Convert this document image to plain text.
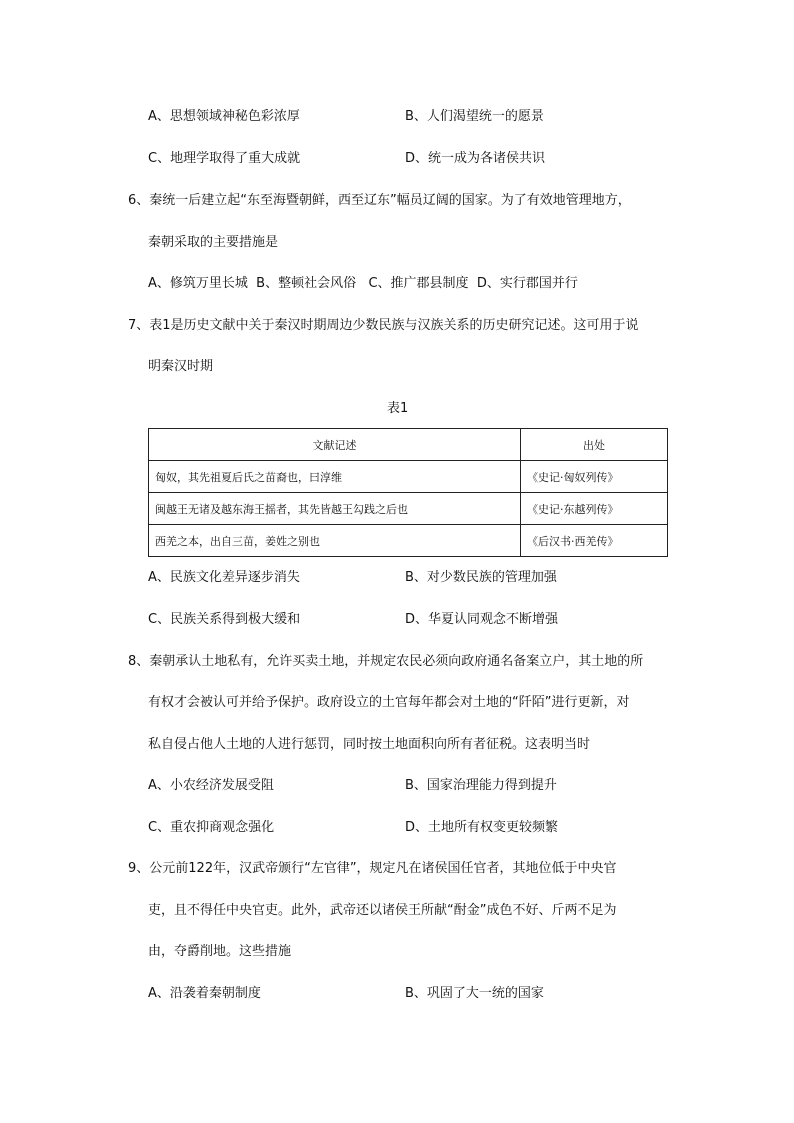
A、思想领域神秘色彩浓厚	B、人们渴望统一的愿景
C、地理学取得了重大成就	D、统一成为各诸侯共识
6、秦统一后建立起“东至海暨朝鲜，西至辽东”幅员辽阔的国家。为了有效地管理地方，
秦朝采取的主要措施是
A、修筑万里长城  B、整顿社会风俗   C、推广郡县制度  D、实行郡国并行
7、表1是历史文献中关于秦汉时期周边少数民族与汉族关系的历史研究记述。这可用于说
明秦汉时期
表1
文献记述	出处
匈奴，其先祖夏后氏之苗裔也，曰淳维	《史记·匈奴列传》
闽越王无诸及越东海王摇者，其先皆越王勾践之后也	《史记·东越列传》
西羌之本，出自三苗，姜姓之别也	《后汉书·西羌传》
A、民族文化差异逐步消失	B、对少数民族的管理加强
C、民族关系得到极大缓和	D、华夏认同观念不断增强
8、秦朝承认土地私有，允许买卖土地，并规定农民必须向政府通名备案立户，其土地的所
有权才会被认可并给予保护。政府设立的土官每年都会对土地的“阡陌”进行更新，对
私自侵占他人土地的人进行惩罚，同时按土地面积向所有者征税。这表明当时
A、小农经济发展受阻	B、国家治理能力得到提升
C、重农抑商观念强化	D、土地所有权变更较频繁
9、公元前122年，汉武帝颁行“左官律”，规定凡在诸侯国任官者，其地位低于中央官
吏，且不得任中央官吏。此外，武帝还以诸侯王所献“酎金”成色不好、斤两不足为
由，夺爵削地。这些措施
A、沿袭着秦朝制度	B、巩固了大一统的国家
